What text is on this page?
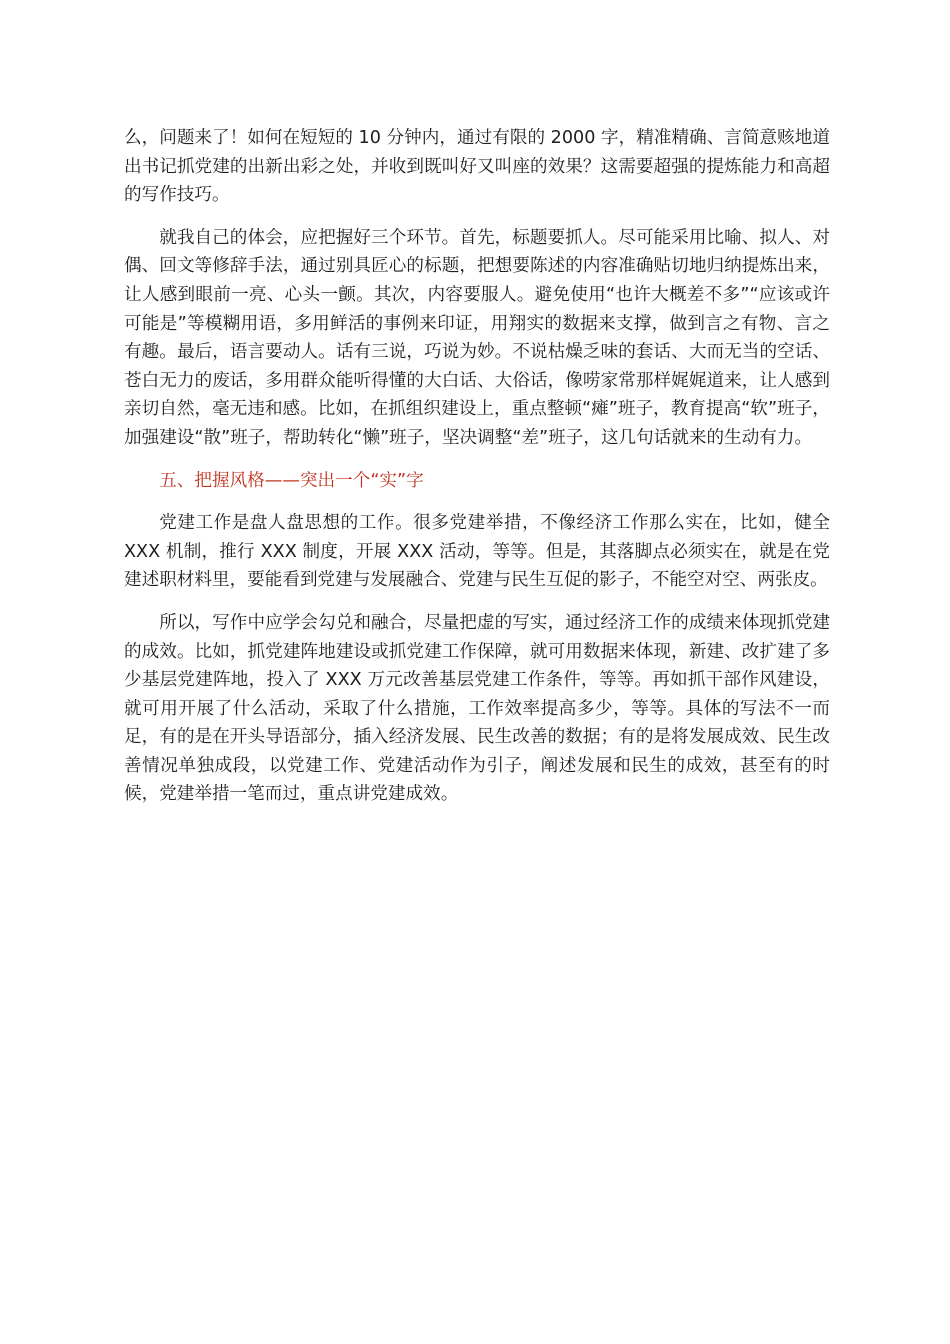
么，问题来了！如何在短短的 10 分钟内，通过有限的 2000 字，精准精确、言简意赅地道出书记抓党建的出新出彩之处，并收到既叫好又叫座的效果？这需要超强的提炼能力和高超的写作技巧。

就我自己的体会，应把握好三个环节。首先，标题要抓人。尽可能采用比喻、拟人、对偶、回文等修辞手法，通过别具匠心的标题，把想要陈述的内容准确贴切地归纳提炼出来，让人感到眼前一亮、心头一颤。其次，内容要服人。避免使用“也许大概差不多”“应该或许可能是”等模糊用语，多用鲜活的事例来印证，用翔实的数据来支撑，做到言之有物、言之有趣。最后，语言要动人。话有三说，巧说为妙。不说枯燥乏味的套话、大而无当的空话、苍白无力的废话，多用群众能听得懂的大白话、大俗话，像唠家常那样娓娓道来，让人感到亲切自然，毫无违和感。比如，在抓组织建设上，重点整顿“瘫”班子，教育提高“软”班子，加强建设“散”班子，帮助转化“懒”班子，坚决调整“差”班子，这几句话就来的生动有力。

五、把握风格——突出一个“实”字

党建工作是盘人盘思想的工作。很多党建举措，不像经济工作那么实在，比如，健全 XXX 机制，推行 XXX 制度，开展 XXX 活动，等等。但是，其落脚点必须实在，就是在党建述职材料里，要能看到党建与发展融合、党建与民生互促的影子，不能空对空、两张皮。

所以，写作中应学会勾兑和融合，尽量把虚的写实，通过经济工作的成绩来体现抓党建的成效。比如，抓党建阵地建设或抓党建工作保障，就可用数据来体现，新建、改扩建了多少基层党建阵地，投入了 XXX 万元改善基层党建工作条件，等等。再如抓干部作风建设，就可用开展了什么活动，采取了什么措施，工作效率提高多少，等等。具体的写法不一而足，有的是在开头导语部分，插入经济发展、民生改善的数据；有的是将发展成效、民生改善情况单独成段，以党建工作、党建活动作为引子，阐述发展和民生的成效，甚至有的时候，党建举措一笔而过，重点讲党建成效。
